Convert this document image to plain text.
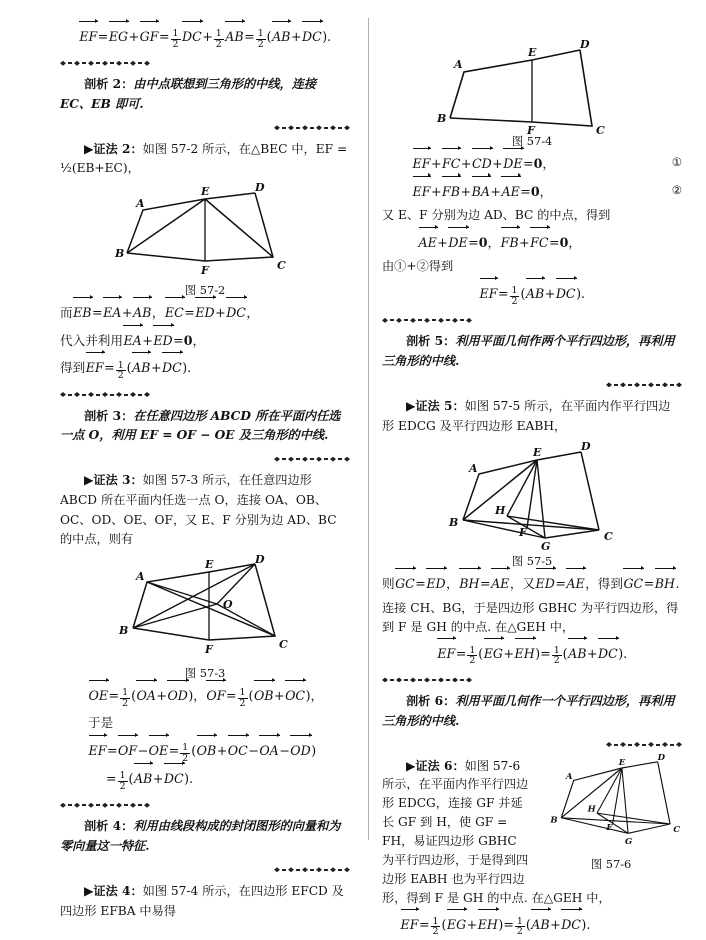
$EF=EG+GF= \frac{1}{2} DC+ \frac{1}{2} AB= \frac{1}{2} (AB+DC)$.

剖析 2：由中点联想到三角形的中线，连接 EC、EB 即可.

▶证法 2：如图 57-2 所示，在△BEC 中，EF = ½(EB+EC)，

A
B
C
D
E
F
图 57-2

而EB=EA+AB，EC=ED+DC，

代入并利用EA+ED=0，

得到$EF= \frac{1}{2} (AB+DC)$.

剖析 3：在任意四边形 ABCD 所在平面内任选一点 O，利用 EF = OF − OE 及三角形的中线.

▶证法 3：如图 57-3 所示，在任意四边形 ABCD 所在平面内任选一点 O，连接 OA、OB、OC、OD、OE、OF，又 E、F 分别为边 AD、BC 的中点，则有

A
B
C
D
E
F
O
图 57-3

$OE= \frac{1}{2} (OA+OD)$，$OF= \frac{1}{2} (OB+OC)$，

于是

$EF=OF-OE= \frac{1}{2} (OB+OC-OA-OD)$

= $\frac{1}{2} (AB+DC)$.

剖析 4：利用由线段构成的封闭图形的向量和为零向量这一特征.

▶证法 4：如图 57-4 所示，在四边形 EFCD 及四边形 EFBA 中易得

A
B
C
D
E
F
图 57-4

①
EF+FC+CD+DE=0，

②
EF+FB+BA+AE=0，

又 E、F 分别为边 AD、BC 的中点，得到

AE+DE=0，FB+FC=0，

由①+②得到

$EF= \frac{1}{2} (AB+DC)$.

剖析 5：利用平面几何作两个平行四边形，再利用三角形的中线.

▶证法 5：如图 57-5 所示，在平面内作平行四边形 EDCG 及平行四边形 EABH，

A
B
C
D
E
F
G
H
图 57-5

则GC=ED，BH=AE，又ED=AE，得到GC=BH.

连接 CH、BG，于是四边形 GBHC 为平行四边形，得到 F 是 GH 的中点. 在△GEH 中，

$EF= \frac{1}{2} (EG+EH)= \frac{1}{2} (AB+DC)$.

剖析 6：利用平面几何作一个平行四边形，再利用三角形的中线.

A
B
C
D
E
F
G
H
图 57-6

▶证法 6：如图 57-6 所示，在平面内作平行四边形 EDCG，连接 GF 并延长 GF 到 H，使 GF = FH，易证四边形 GBHC 为平行四边形，于是得到四边形 EABH 也为平行四边形，得到 F 是 GH 的中点. 在△GEH 中，

$EF= \frac{1}{2} (EG+EH)= \frac{1}{2} (AB+DC)$.
